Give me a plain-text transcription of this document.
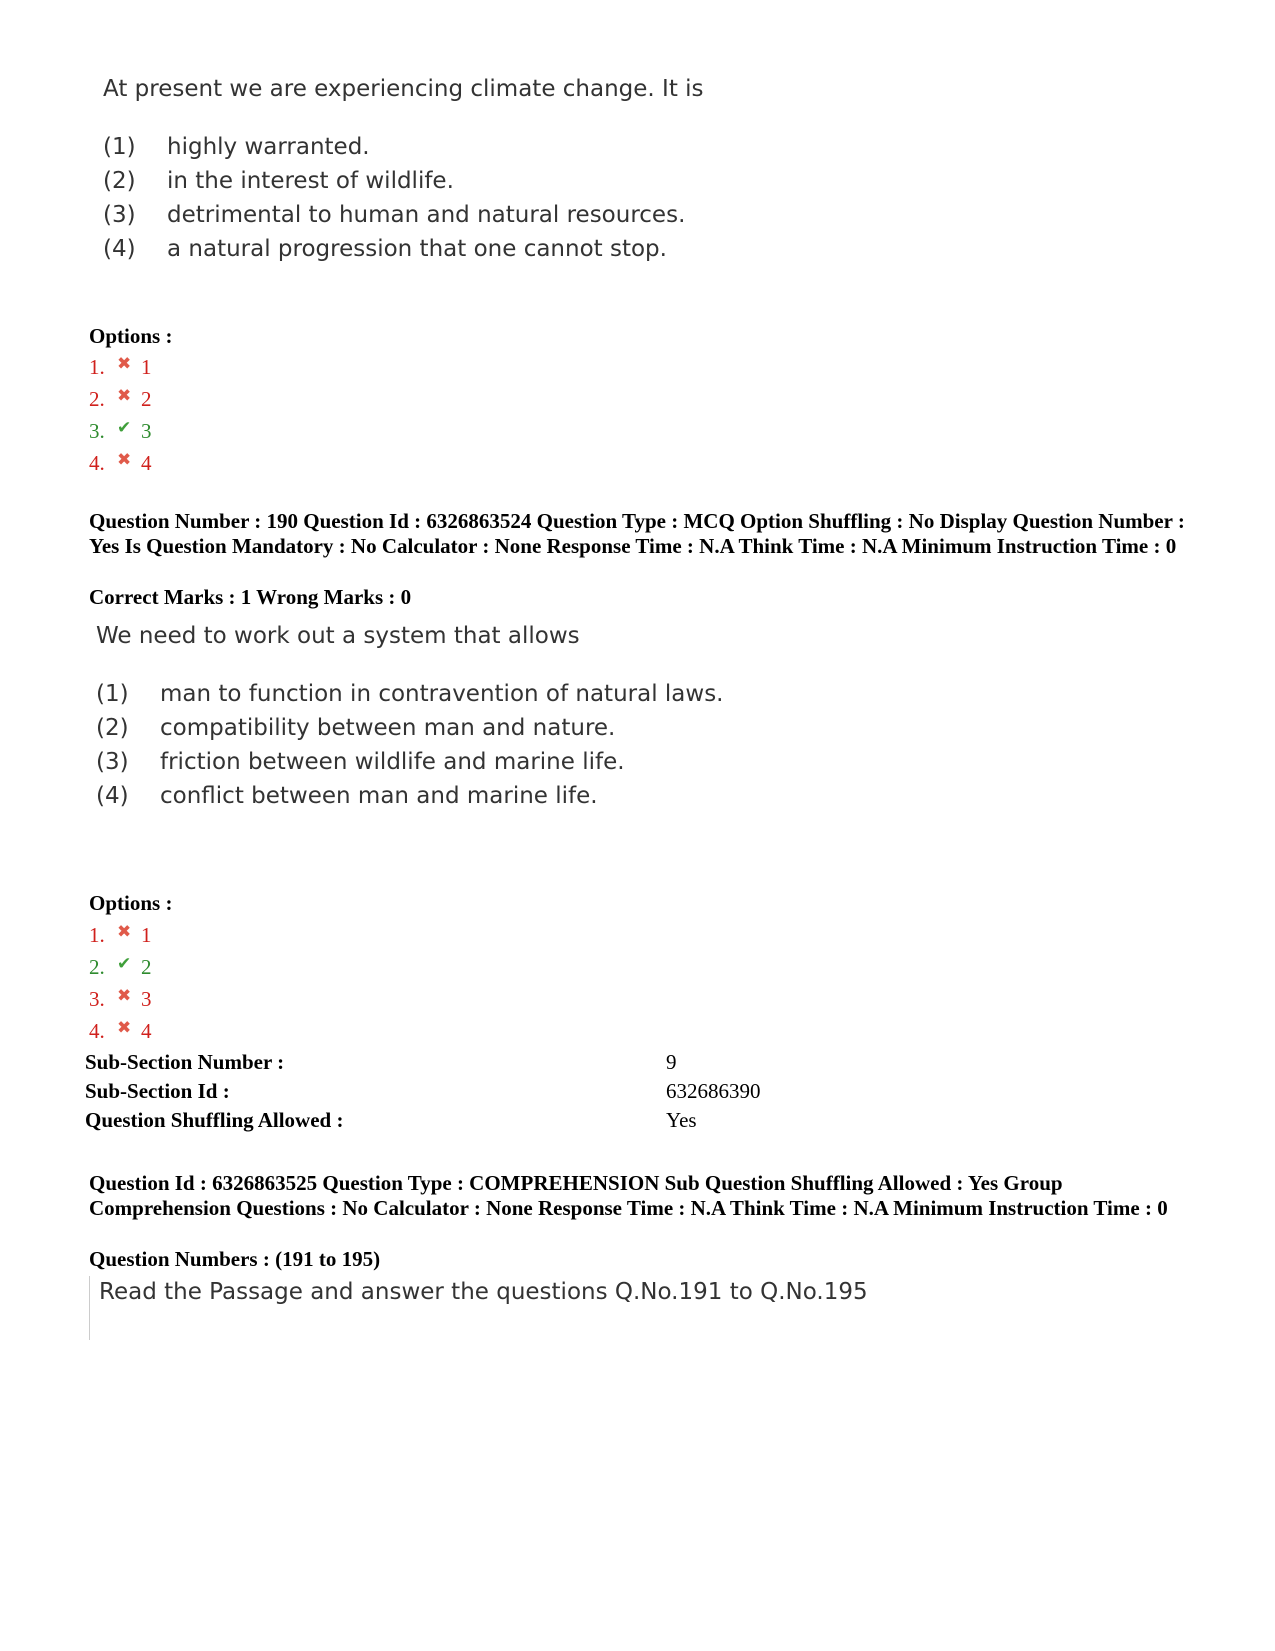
At present we are experiencing climate change. It is
(1)	highly warranted.
(2)	in the interest of wildlife.
(3)	detrimental to human and natural resources.
(4)	a natural progression that one cannot stop.
Options :
1. ✖ 1
2. ✖ 2
3. ✔ 3
4. ✖ 4
Question Number : 190 Question Id : 6326863524 Question Type : MCQ Option Shuffling : No Display Question Number : Yes Is Question Mandatory : No Calculator : None Response Time : N.A Think Time : N.A Minimum Instruction Time : 0
Correct Marks : 1 Wrong Marks : 0
We need to work out a system that allows
(1)	man to function in contravention of natural laws.
(2)	compatibility between man and nature.
(3)	friction between wildlife and marine life.
(4)	conflict between man and marine life.
Options :
1. ✖ 1
2. ✔ 2
3. ✖ 3
4. ✖ 4
Sub-Section Number :	9
Sub-Section Id :	632686390
Question Shuffling Allowed :	Yes
Question Id : 6326863525 Question Type : COMPREHENSION Sub Question Shuffling Allowed : Yes Group Comprehension Questions : No Calculator : None Response Time : N.A Think Time : N.A Minimum Instruction Time : 0
Question Numbers : (191 to 195)
Read the Passage and answer the questions Q.No.191 to Q.No.195
